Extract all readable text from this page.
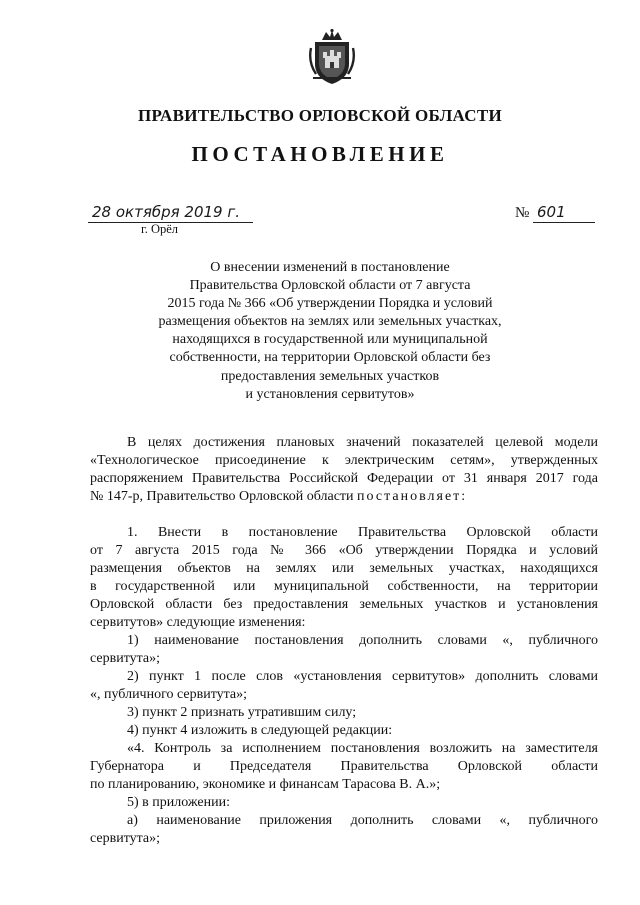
ПРАВИТЕЛЬСТВО ОРЛОВСКОЙ ОБЛАСТИ
ПОСТАНОВЛЕНИЕ
28 октября 2019 г.
г. Орёл
№ 601
О внесении изменений в постановление
Правительства Орловской области от 7 августа
2015 года № 366 «Об утверждении Порядка и условий
размещения объектов на землях или земельных участках,
находящихся в государственной или муниципальной
собственности, на территории Орловской области без
предоставления земельных участков
и установления сервитутов»
В целях достижения плановых значений показателей целевой модели
«Технологическое присоединение к электрическим сетям», утвержденных
распоряжением Правительства Российской Федерации от 31 января 2017 года
№ 147-р, Правительство Орловской области постановляет:
1. Внести в постановление Правительства Орловской области
от 7 августа 2015 года № 366 «Об утверждении Порядка и условий
размещения объектов на землях или земельных участках, находящихся
в государственной или муниципальной собственности, на территории
Орловской области без предоставления земельных участков и установления
сервитутов» следующие изменения:
1) наименование постановления дополнить словами «, публичного
сервитута»;
2) пункт 1 после слов «установления сервитутов» дополнить словами
«, публичного сервитута»;
3) пункт 2 признать утратившим силу;
4) пункт 4 изложить в следующей редакции:
«4. Контроль за исполнением постановления возложить на заместителя
Губернатора и Председателя Правительства Орловской области
по планированию, экономике и финансам Тарасова В. А.»;
5) в приложении:
а) наименование приложения дополнить словами «, публичного
сервитута»;
